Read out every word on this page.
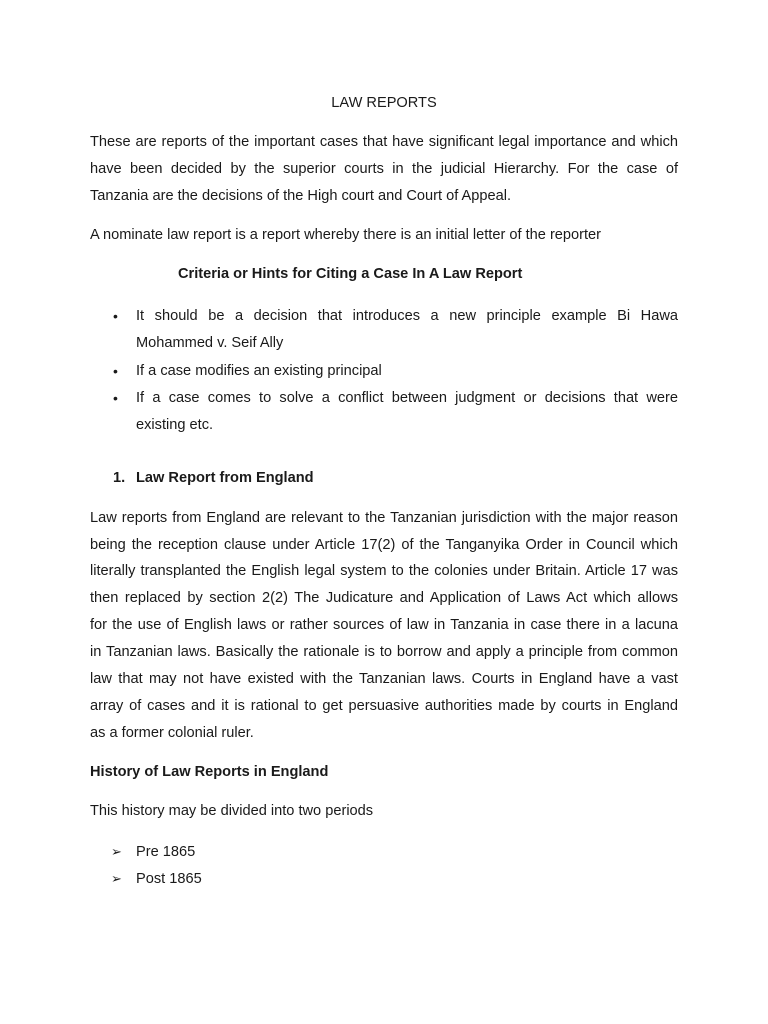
LAW REPORTS
These are reports of the important cases that have significant legal importance and which
have been decided by the superior courts in the judicial Hierarchy. For the case of
Tanzania are the decisions of the High court and Court of Appeal.
A nominate law report is a report whereby there is an initial letter of the reporter
Criteria or Hints for Citing a Case In A Law Report
• It should be a decision that introduces a new principle example Bi Hawa
Mohammed v. Seif Ally
• If a case modifies an existing principal
• If a case comes to solve a conflict between judgment or decisions that were
existing etc.
1. Law Report from England
Law reports from England are relevant to the Tanzanian jurisdiction with the major reason
being the reception clause under Article 17(2) of the Tanganyika Order in Council which
literally transplanted the English legal system to the colonies under Britain. Article 17 was
then replaced by section 2(2) The Judicature and Application of Laws Act which allows
for the use of English laws or rather sources of law in Tanzania in case there in a lacuna
in Tanzanian laws. Basically the rationale is to borrow and apply a principle from common
law that may not have existed with the Tanzanian laws. Courts in England have a vast
array of cases and it is rational to get persuasive authorities made by courts in England
as a former colonial ruler.
History of Law Reports in England
This history may be divided into two periods
➢ Pre 1865
➢ Post 1865
